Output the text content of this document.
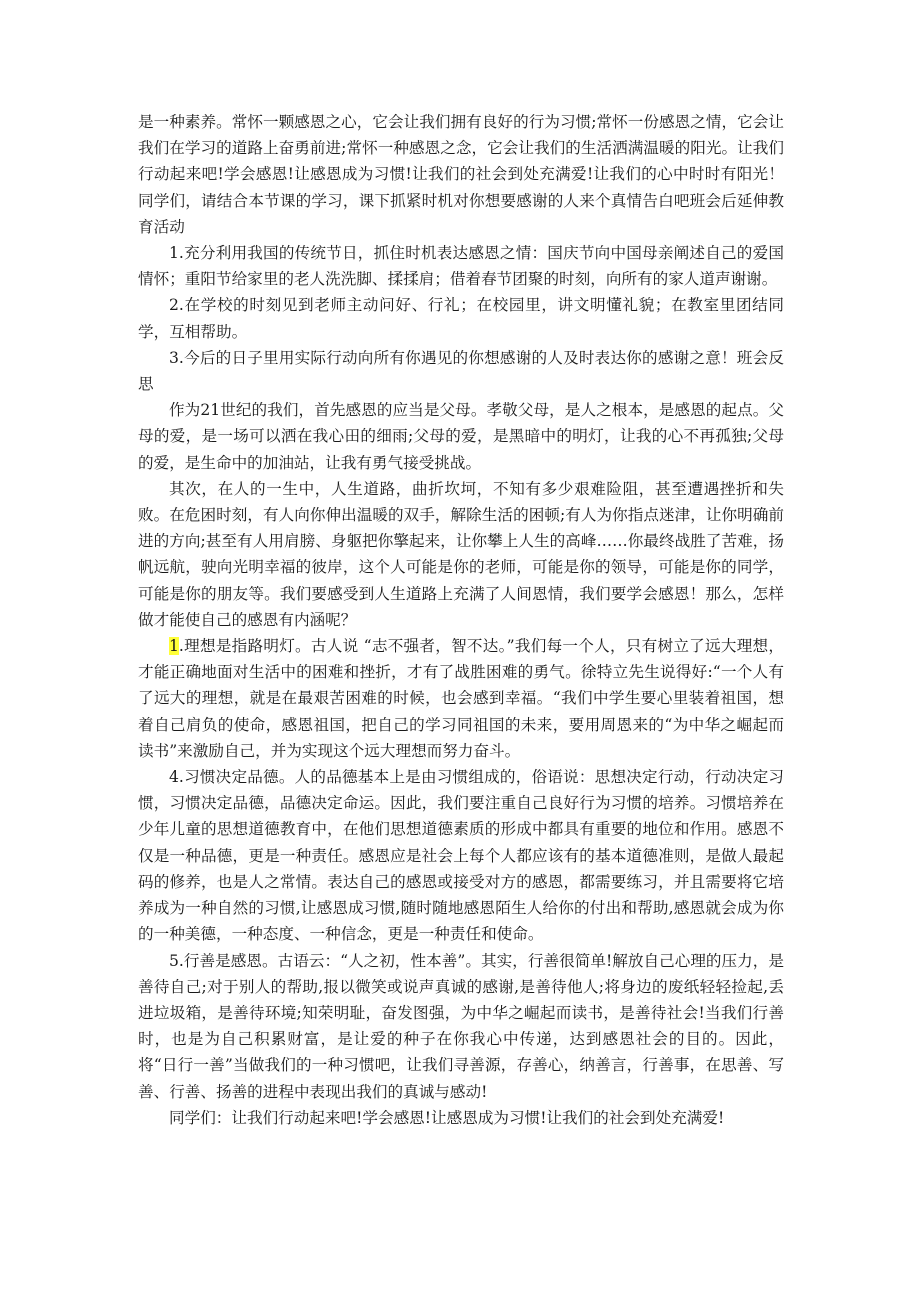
是一种素养。常怀一颗感恩之心，它会让我们拥有良好的行为习惯;常怀一份感恩之情，它会让我们在学习的道路上奋勇前进;常怀一种感恩之念，它会让我们的生活洒满温暖的阳光。让我们行动起来吧!学会感恩!让感恩成为习惯!让我们的社会到处充满爱!让我们的心中时时有阳光！同学们，请结合本节课的学习，课下抓紧时机对你想要感谢的人来个真情告白吧班会后延伸教育活动

1.充分利用我国的传统节日，抓住时机表达感恩之情：国庆节向中国母亲阐述自己的爱国情怀；重阳节给家里的老人洗洗脚、揉揉肩；借着春节团聚的时刻，向所有的家人道声谢谢。

2.在学校的时刻见到老师主动问好、行礼；在校园里，讲文明懂礼貌；在教室里团结同学，互相帮助。

3.今后的日子里用实际行动向所有你遇见的你想感谢的人及时表达你的感谢之意！班会反思

作为21世纪的我们，首先感恩的应当是父母。孝敬父母，是人之根本，是感恩的起点。父母的爱，是一场可以洒在我心田的细雨;父母的爱，是黑暗中的明灯，让我的心不再孤独;父母的爱，是生命中的加油站，让我有勇气接受挑战。

其次，在人的一生中，人生道路，曲折坎坷，不知有多少艰难险阻，甚至遭遇挫折和失败。在危困时刻，有人向你伸出温暖的双手，解除生活的困顿;有人为你指点迷津，让你明确前进的方向;甚至有人用肩膀、身躯把你擎起来，让你攀上人生的高峰……你最终战胜了苦难，扬帆远航，驶向光明幸福的彼岸，这个人可能是你的老师，可能是你的领导，可能是你的同学，可能是你的朋友等。我们要感受到人生道路上充满了人间恩情，我们要学会感恩！那么，怎样做才能使自己的感恩有内涵呢？

1.理想是指路明灯。古人说 “志不强者，智不达。”我们每一个人，只有树立了远大理想，才能正确地面对生活中的困难和挫折，才有了战胜困难的勇气。徐特立先生说得好:“一个人有了远大的理想，就是在最艰苦困难的时候，也会感到幸福。“我们中学生要心里装着祖国，想着自己肩负的使命，感恩祖国，把自己的学习同祖国的未来，要用周恩来的“为中华之崛起而读书”来激励自己，并为实现这个远大理想而努力奋斗。

4.习惯决定品德。人的品德基本上是由习惯组成的，俗语说：思想决定行动，行动决定习惯，习惯决定品德，品德决定命运。因此，我们要注重自己良好行为习惯的培养。习惯培养在少年儿童的思想道德教育中，在他们思想道德素质的形成中都具有重要的地位和作用。感恩不仅是一种品德，更是一种责任。感恩应是社会上每个人都应该有的基本道德准则，是做人最起码的修养，也是人之常情。表达自己的感恩或接受对方的感恩，都需要练习，并且需要将它培养成为一种自然的习惯,让感恩成习惯,随时随地感恩陌生人给你的付出和帮助,感恩就会成为你的一种美德，一种态度、一种信念，更是一种责任和使命。

5.行善是感恩。古语云：“人之初，性本善”。其实，行善很简单!解放自己心理的压力，是善待自己;对于别人的帮助,报以微笑或说声真诚的感谢,是善待他人;将身边的废纸轻轻捡起,丢进垃圾箱，是善待环境;知荣明耻，奋发图强，为中华之崛起而读书，是善待社会!当我们行善时，也是为自己积累财富，是让爱的种子在你我心中传递，达到感恩社会的目的。因此，将“日行一善”当做我们的一种习惯吧，让我们寻善源，存善心，纳善言，行善事，在思善、写善、行善、扬善的进程中表现出我们的真诚与感动!

同学们：让我们行动起来吧!学会感恩!让感恩成为习惯!让我们的社会到处充满爱!
